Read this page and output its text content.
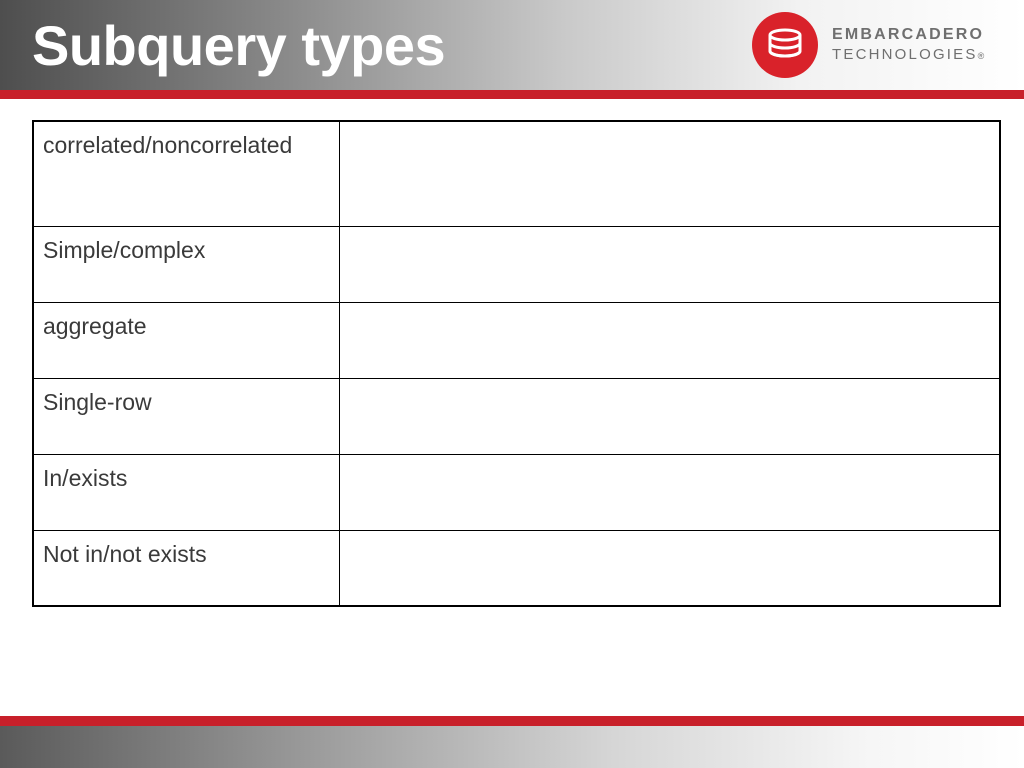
Subquery types	EMBARCADERO
TECHNOLOGIES®
correlated/noncorrelated	
Simple/complex	
aggregate	
Single-row	
In/exists	
Not in/not exists	
